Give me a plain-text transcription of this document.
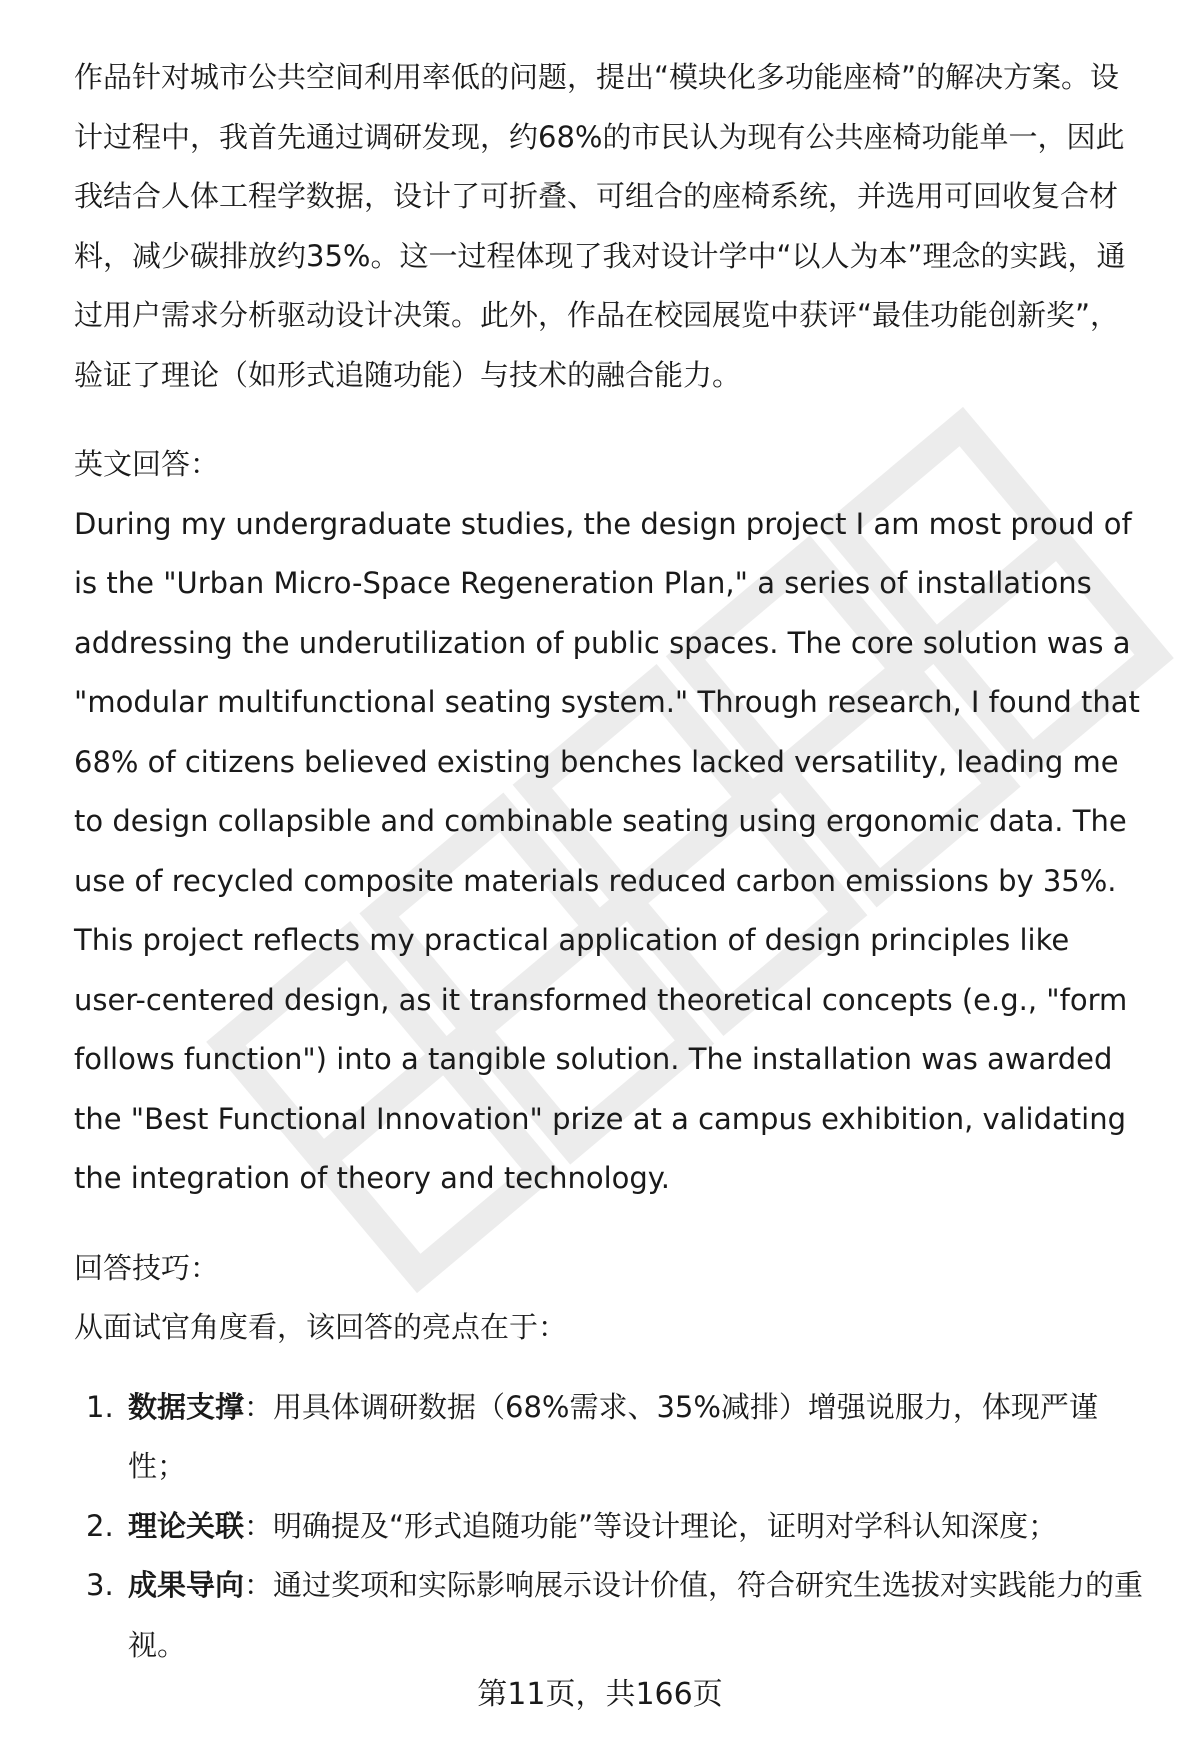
作品针对城市公共空间利用率低的问题，提出“模块化多功能座椅”的解决方案。设计过程中，我首先通过调研发现，约68%的市民认为现有公共座椅功能单一，因此我结合人体工程学数据，设计了可折叠、可组合的座椅系统，并选用可回收复合材料，减少碳排放约35%。这一过程体现了我对设计学中“以人为本”理念的实践，通过用户需求分析驱动设计决策。此外，作品在校园展览中获评“最佳功能创新奖”，验证了理论（如形式追随功能）与技术的融合能力。

英文回答：

During my undergraduate studies, the design project I am most proud of is the "Urban Micro-Space Regeneration Plan," a series of installations addressing the underutilization of public spaces. The core solution was a "modular multifunctional seating system." Through research, I found that 68% of citizens believed existing benches lacked versatility, leading me to design collapsible and combinable seating using ergonomic data. The use of recycled composite materials reduced carbon emissions by 35%. This project reflects my practical application of design principles like user-centered design, as it transformed theoretical concepts (e.g., "form follows function") into a tangible solution. The installation was awarded the "Best Functional Innovation" prize at a campus exhibition, validating the integration of theory and technology.

回答技巧：

从面试官角度看，该回答的亮点在于：

1. 数据支撑：用具体调研数据（68%需求、35%减排）增强说服力，体现严谨性；
2. 理论关联：明确提及“形式追随功能”等设计理论，证明对学科认知深度；
3. 成果导向：通过奖项和实际影响展示设计价值，符合研究生选拔对实践能力的重视。
第11页，共166页
